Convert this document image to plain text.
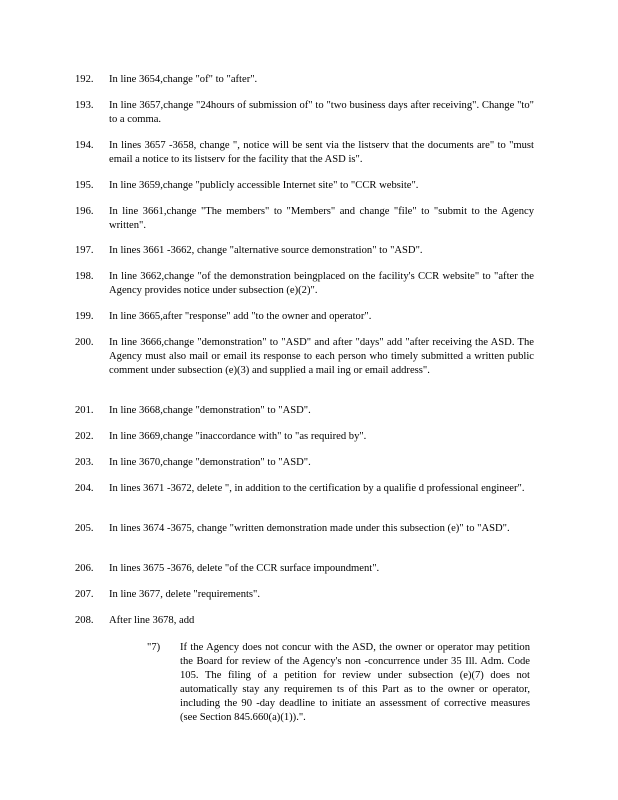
192. In line 3654,change "of" to "after".
193. In line 3657,change "24hours of submission of" to "two business days after receiving". Change "to" to a comma.
194. In lines 3657 -3658, change ", notice will be sent via the listserv that the documents are" to "must email a notice to its listserv for the facility that the ASD is".
195. In line 3659,change "publicly accessible Internet site" to "CCR website".
196. In line 3661,change "The members" to "Members" and change "file" to "submit to the Agency written".
197. In lines 3661 -3662, change "alternative source demonstration" to "ASD".
198. In line 3662,change "of the demonstration beingplaced on the facility's CCR website" to "after the Agency provides notice under subsection (e)(2)".
199. In line 3665,after "response" add "to the owner and operator".
200. In line 3666,change "demonstration" to "ASD" and after "days" add "after receiving the ASD. The Agency must also mail or email its response to each person who timely submitted a written public comment under subsection (e)(3) and supplied a mail ing or email address".
201. In line 3668,change "demonstration" to "ASD".
202. In line 3669,change "inaccordance with" to "as required by".
203. In line 3670,change "demonstration" to "ASD".
204. In lines 3671 -3672, delete ", in addition to the certification by a qualifie d professional engineer".
205. In lines 3674 -3675, change "written demonstration made under this subsection (e)" to "ASD".
206. In lines 3675 -3676, delete "of the CCR surface impoundment".
207. In line 3677, delete "requirements".
208. After line 3678, add
"7) If the Agency does not concur with the ASD, the owner or operator may petition the Board for review of the Agency's non -concurrence under 35 Ill. Adm. Code 105. The filing of a petition for review under subsection (e)(7) does not automatically stay any requiremen ts of this Part as to the owner or operator, including the 90 -day deadline to initiate an assessment of corrective measures (see Section 845.660(a)(1)).".
